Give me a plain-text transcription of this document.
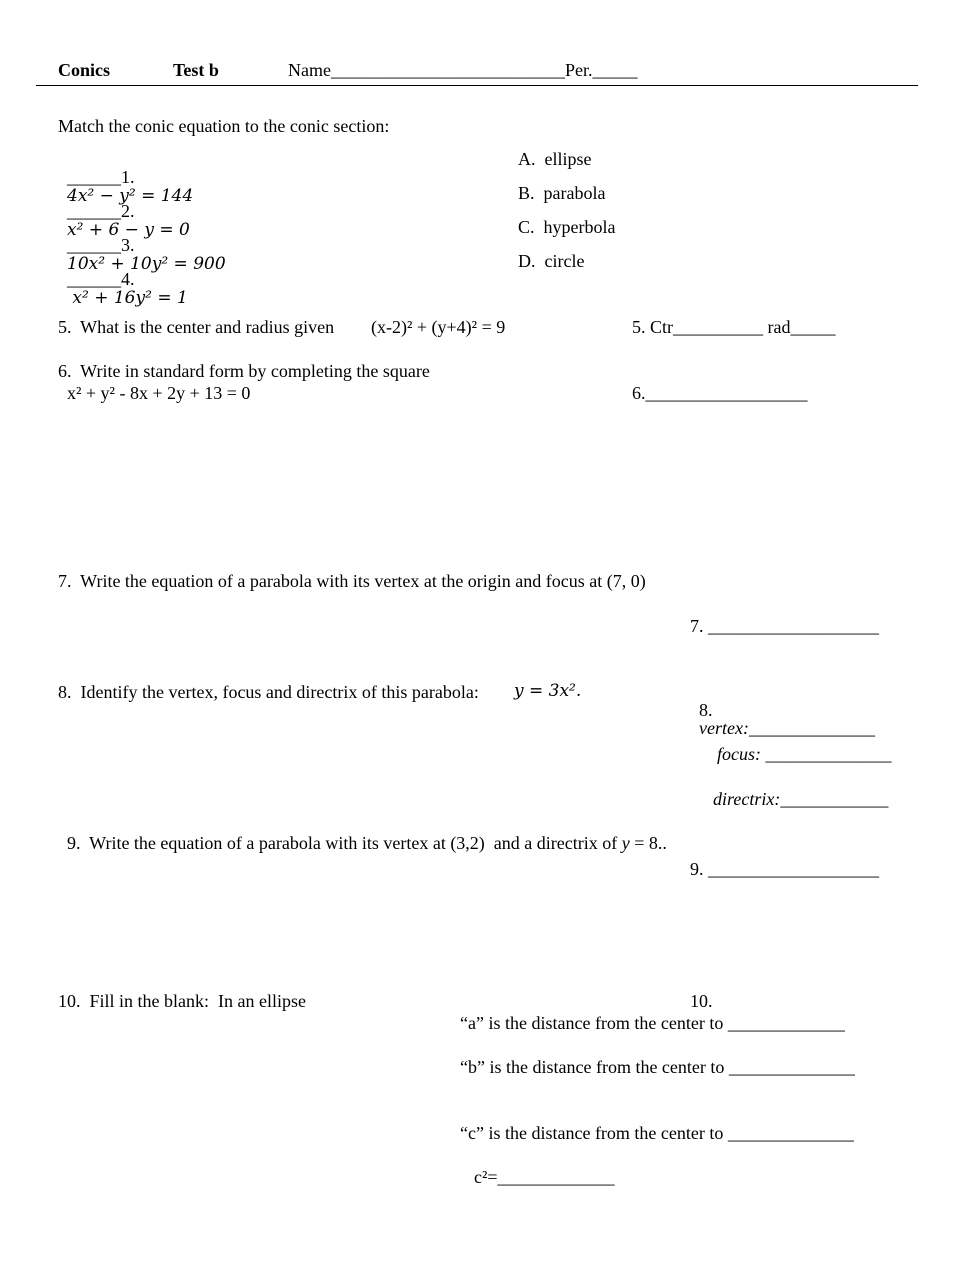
Conics	Test b	Name__________________________Per._____
Match the conic equation to the conic section:

______1.
4x² − y² = 144

______2.
x² + 6 − y = 0

______3.
10x² + 10y² = 900

______4.
x² + 16y² = 1

A.  ellipse
B.  parabola
C.  hyperbola
D.  circle
5.  What is the center and radius given (x-2)² + (y+4)² = 9	5. Ctr__________ rad_____
6.  Write in standard form by completing the square
x² + y² - 8x + 2y + 13 = 0	6.__________________
7.  Write the equation of a parabola with its vertex at the origin and focus at (7, 0)
7. ___________________
8.  Identify the vertex, focus and directrix of this parabola: y = 3x².

8.
vertex:______________

focus: ______________

directrix:____________

9.  Write the equation of a parabola with its vertex at (3,2)  and a directrix of y = 8..

9. ___________________
10.  Fill in the blank:  In an ellipse	10.
“a” is the distance from the center to _____________
“b” is the distance from the center to ______________
“c” is the distance from the center to ______________
c²=_____________
